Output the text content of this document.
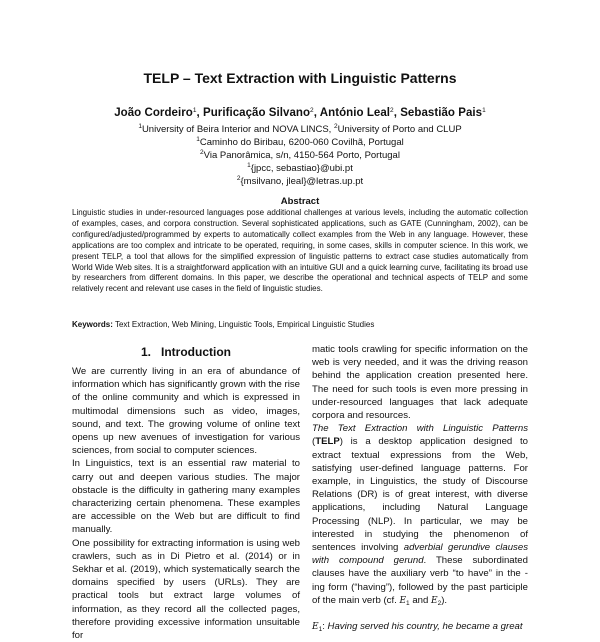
TELP – Text Extraction with Linguistic Patterns
João Cordeiro$^1$, Purificação Silvano$^2$, António Leal$^2$, Sebastião Pais$^1$
$^1$University of Beira Interior and NOVA LINCS, $^2$University of Porto and CLUP
$^1$Caminho do Biribau, 6200-060 Covilhã, Portugal
$^2$Via Panorâmica, s/n, 4150-564 Porto, Portugal
$^1${jpcc, sebastiao}@ubi.pt
$^2${msilvano, jleal}@letras.up.pt
Abstract
Linguistic studies in under-resourced languages pose additional challenges at various levels, including the automatic collection of examples, cases, and corpora construction. Several sophisticated applications, such as GATE (Cunningham, 2002), can be configured/adjusted/programmed by experts to automatically collect examples from the Web in any language. However, these applications are too complex and intricate to be operated, requiring, in some cases, skills in computer science. In this work, we present TELP, a tool that allows for the simplified expression of linguistic patterns to extract case studies automatically from World Wide Web sites. It is a straightforward application with an intuitive GUI and a quick learning curve, facilitating its broad use by researchers from different domains. In this paper, we describe the operational and technical aspects of TELP and some relatively recent and relevant use cases in the field of linguistic studies.
Keywords: Text Extraction, Web Mining, Linguistic Tools, Empirical Linguistic Studies
1. Introduction

We are currently living in an era of abundance of information which has significantly grown with the rise of the online community and which is expressed in multimodal dimensions such as video, images, sound, and text. The growing volume of online text opens up new avenues of investigation for various sciences, from social to computer sciences.

In Linguistics, text is an essential raw material to carry out and deepen various studies. The major obstacle is the difficulty in gathering many examples characterizing certain phenomena. These examples are accessible on the Web but are difficult to find manually.

One possibility for extracting information is using web crawlers, such as in Di Pietro et al. (2014) or in Sekhar et al. (2019), which systematically search the domains specified by users (URLs). They are practical tools but extract large volumes of information, as they record all the collected pages, therefore providing excessive information unsuitable for

matic tools crawling for specific information on the web is very needed, and it was the driving reason behind the application creation presented here. The need for such tools is even more pressing in under-resourced languages that lack adequate corpora and resources.

The Text Extraction with Linguistic Patterns (TELP) is a desktop application designed to extract textual expressions from the Web, satisfying user-defined language patterns. For example, in Linguistics, the study of Discourse Relations (DR) is of great interest, with diverse applications, including Natural Language Processing (NLP). In particular, we may be interested in studying the phenomenon of sentences involving adverbial gerundive clauses with compound gerund. These subordinated clauses have the auxiliary verb “to have” in the -ing form (“having”), followed by the past participle of the main verb (cf. $E_1$ and $E_2$).

$E_1$: Having served his country, he became a great
